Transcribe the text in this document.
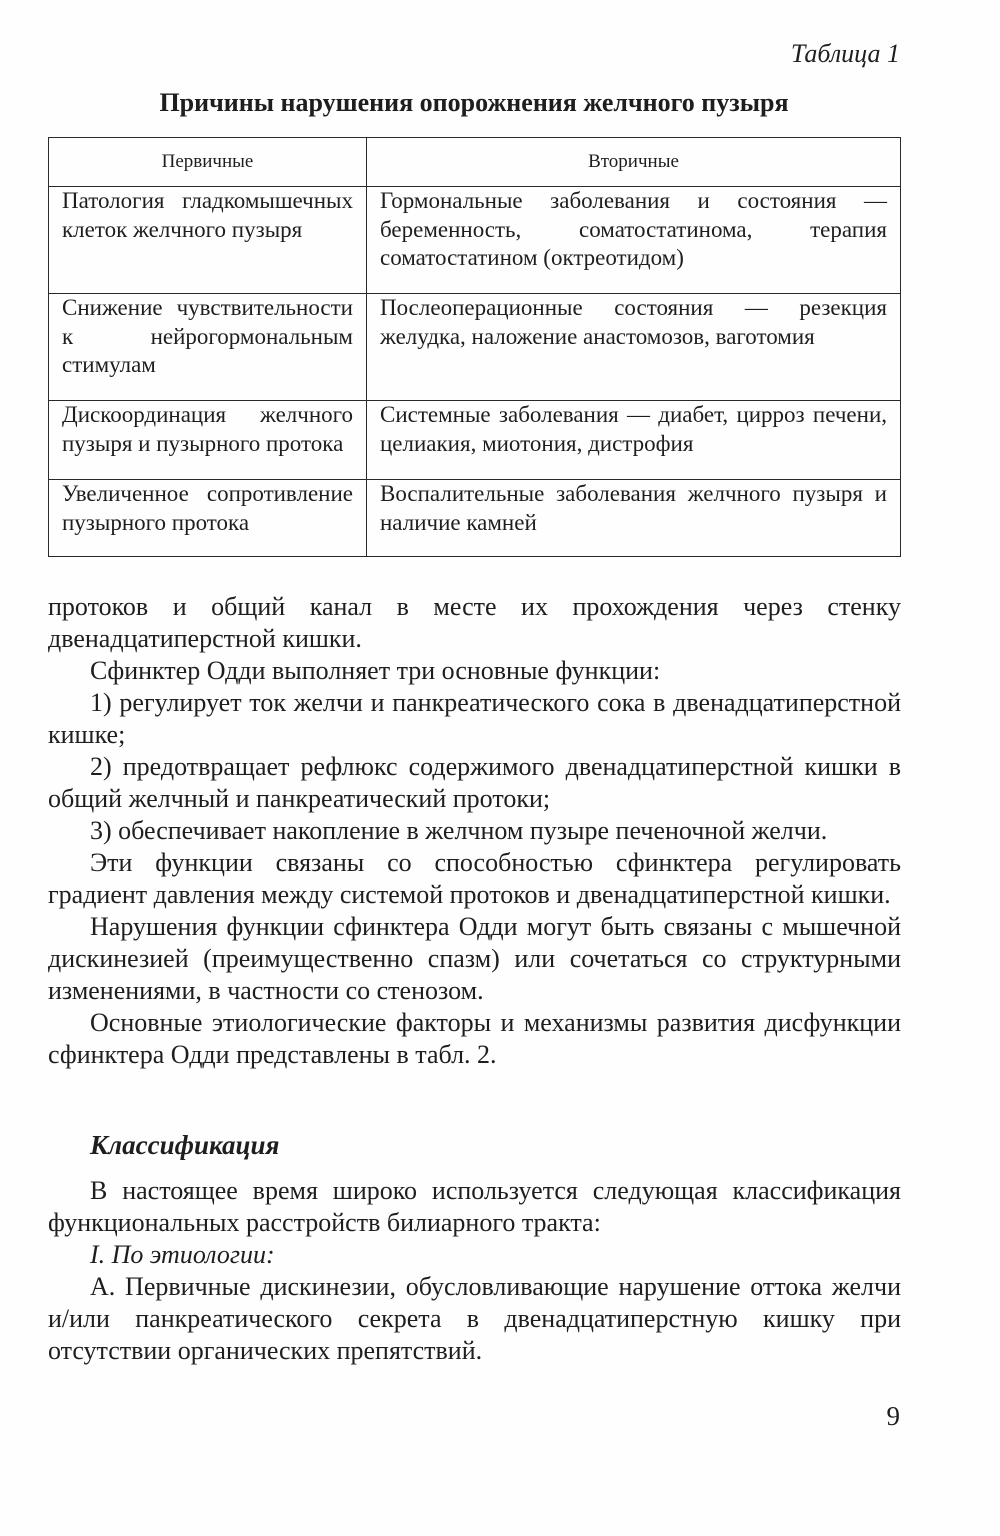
Таблица 1
Причины нарушения опорожнения желчного пузыря
Первичные	Вторичные
Патология гладкомышечных клеток желчного пузыря	Гормональные заболевания и состояния — беременность, соматостатинома, терапия соматостатином (октреотидом)
Снижение чувствительности к нейрогормональным стимулам	Послеоперационные состояния — резекция желудка, наложение анастомозов, ваготомия
Дискоординация желчного пузыря и пузырного протока	Системные заболевания — диабет, цирроз печени, целиакия, миотония, дистрофия
Увеличенное сопротивление пузырного протока	Воспалительные заболевания желчного пузыря и наличие камней

протоков и общий канал в месте их прохождения через стенку двенадцатиперстной кишки.

Сфинктер Одди выполняет три основные функции:

1) регулирует ток желчи и панкреатического сока в двенадцатиперстной кишке;

2) предотвращает рефлюкс содержимого двенадцатиперстной кишки в общий желчный и панкреатический протоки;

3) обеспечивает накопление в желчном пузыре печеночной желчи.

Эти функции связаны со способностью сфинктера регулировать градиент давления между системой протоков и двенадцатиперстной кишки.

Нарушения функции сфинктера Одди могут быть связаны с мышечной дискинезией (преимущественно спазм) или сочетаться со структурными изменениями, в частности со стенозом.

Основные этиологические факторы и механизмы развития дисфункции сфинктера Одди представлены в табл. 2.

Классификация

В настоящее время широко используется следующая классификация функциональных расстройств билиарного тракта:

I. По этиологии:

А. Первичные дискинезии, обусловливающие нарушение оттока желчи и/или панкреатического секрета в двенадцатиперстную кишку при отсутствии органических препятствий.

9
